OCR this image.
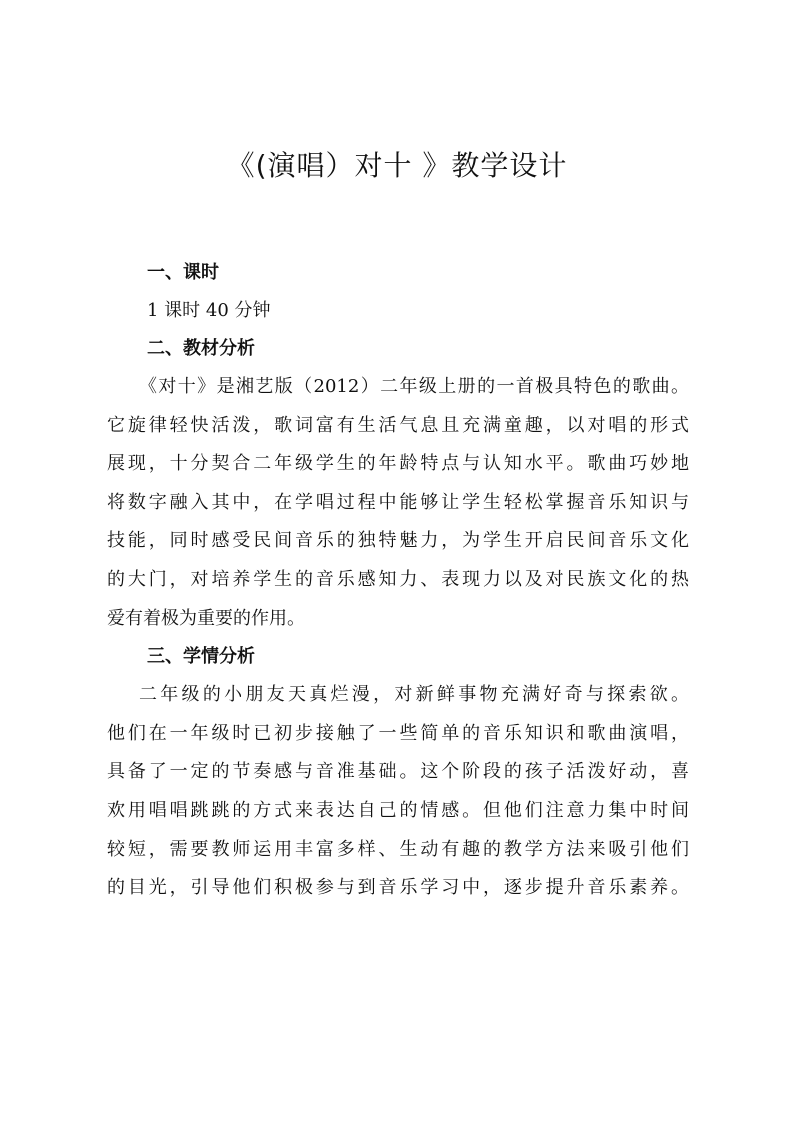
《(演唱）对十 》教学设计
一、课时

1 课时 40 分钟

二、教材分析

《对十》是湘艺版（2012）二年级上册的一首极具特色的歌曲。
它旋律轻快活泼，歌词富有生活气息且充满童趣，以对唱的形式
展现，十分契合二年级学生的年龄特点与认知水平。歌曲巧妙地
将数字融入其中，在学唱过程中能够让学生轻松掌握音乐知识与
技能，同时感受民间音乐的独特魅力，为学生开启民间音乐文化
的大门，对培养学生的音乐感知力、表现力以及对民族文化的热
爱有着极为重要的作用。

三、学情分析

二年级的小朋友天真烂漫，对新鲜事物充满好奇与探索欲。
他们在一年级时已初步接触了一些简单的音乐知识和歌曲演唱，
具备了一定的节奏感与音准基础。这个阶段的孩子活泼好动，喜
欢用唱唱跳跳的方式来表达自己的情感。但他们注意力集中时间
较短，需要教师运用丰富多样、生动有趣的教学方法来吸引他们
的目光，引导他们积极参与到音乐学习中，逐步提升音乐素养。
